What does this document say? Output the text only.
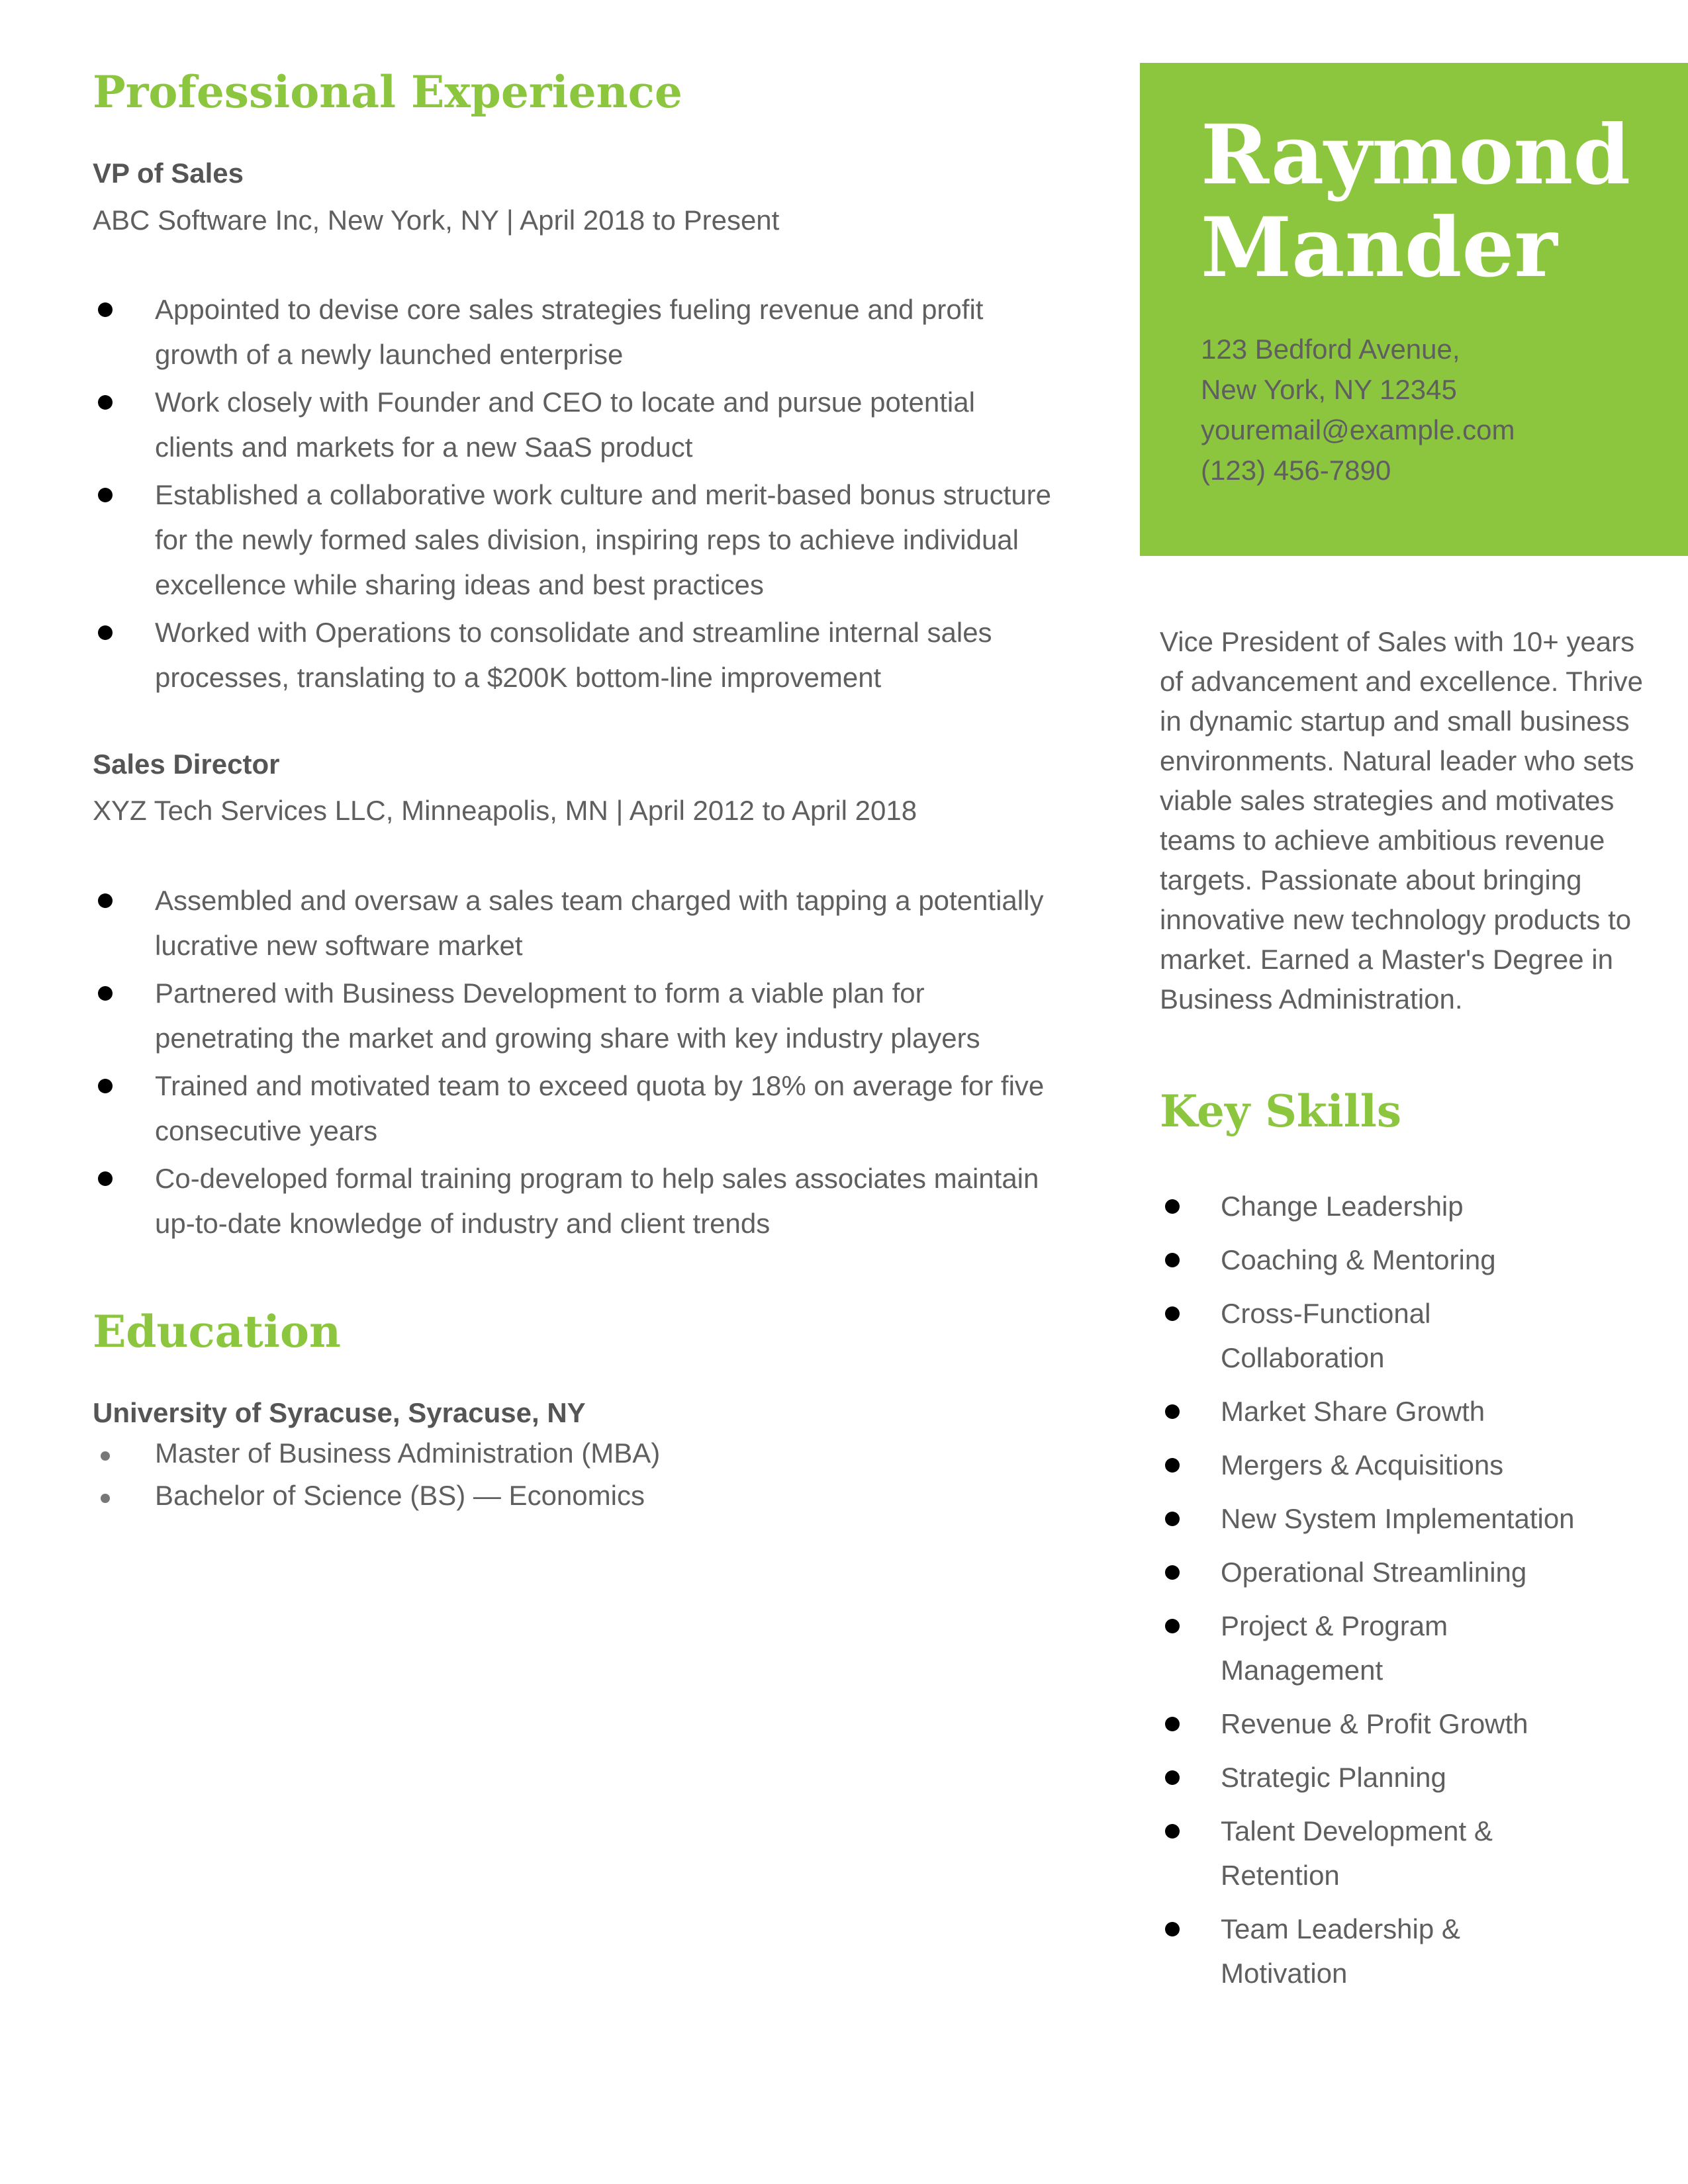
Professional Experience

VP of Sales

ABC Software Inc, New York, NY | April 2018 to Present

Appointed to devise core sales strategies fueling revenue and profit growth of a newly launched enterprise
Work closely with Founder and CEO to locate and pursue potential clients and markets for a new SaaS product
Established a collaborative work culture and merit-based bonus structure for the newly formed sales division, inspiring reps to achieve individual excellence while sharing ideas and best practices
Worked with Operations to consolidate and streamline internal sales processes, translating to a $200K bottom-line improvement

Sales Director

XYZ Tech Services LLC, Minneapolis, MN | April 2012 to April 2018

Assembled and oversaw a sales team charged with tapping a potentially lucrative new software market
Partnered with Business Development to form a viable plan for penetrating the market and growing share with key industry players
Trained and motivated team to exceed quota by 18% on average for five consecutive years
Co-developed formal training program to help sales associates maintain up-to-date knowledge of industry and client trends
Education

University of Syracuse, Syracuse, NY

Master of Business Administration (MBA)
Bachelor of Science (BS) — Economics

Raymond

Mander

123 Bedford Avenue,
New York, NY 12345
youremail@example.com
(123) 456-7890

Vice President of Sales with 10+ years of advancement and excellence. Thrive in dynamic startup and small business environments. Natural leader who sets viable sales strategies and motivates teams to achieve ambitious revenue targets. Passionate about bringing innovative new technology products to market. Earned a Master's Degree in Business Administration.

Key Skills
Change Leadership
Coaching & Mentoring
Cross-Functional Collaboration
Market Share Growth
Mergers & Acquisitions
New System Implementation
Operational Streamlining
Project & Program Management
Revenue & Profit Growth
Strategic Planning
Talent Development & Retention
Team Leadership & Motivation
